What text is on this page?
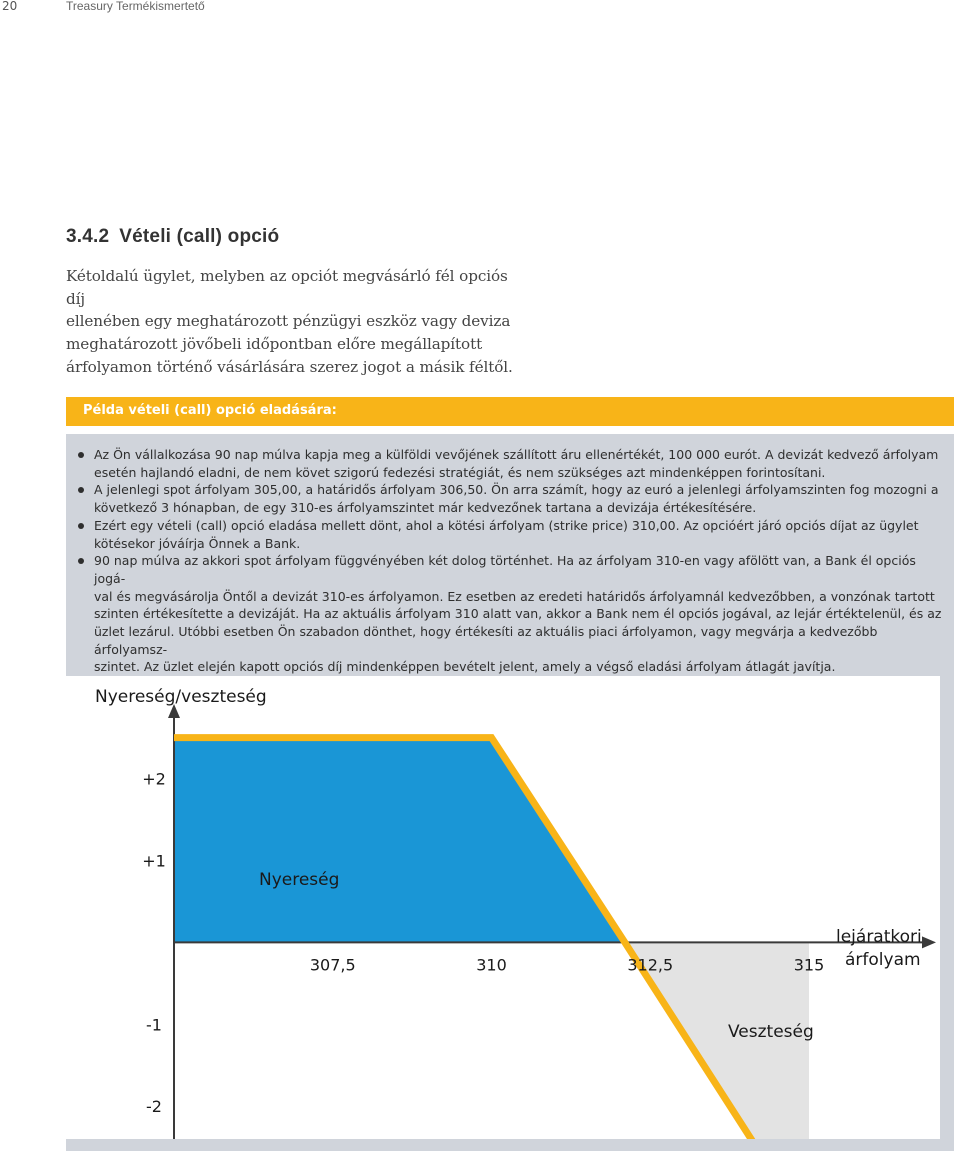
20	Treasury Termékismertető
3.4.2 Vételi (call) opció
Kétoldalú ügylet, melyben az opciót megvásárló fél opciós díj
ellenében egy meghatározott pénzügyi eszköz vagy deviza
meghatározott jövőbeli időpontban előre megállapított
árfolyamon történő vásárlására szerez jogot a másik féltől.
Példa vételi (call) opció eladására:
Az Ön vállalkozása 90 nap múlva kapja meg a külföldi vevőjének szállított áru ellenértékét, 100 000 eurót. A devizát kedvező árfolyam
esetén hajlandó eladni, de nem követ szigorú fedezési stratégiát, és nem szükséges azt mindenképpen forintosítani.
A jelenlegi spot árfolyam 305,00, a határidős árfolyam 306,50. Ön arra számít, hogy az euró a jelenlegi árfolyamszinten fog mozogni a
következő 3 hónapban, de egy 310-es árfolyamszintet már kedvezőnek tartana a devizája értékesítésére.
Ezért egy vételi (call) opció eladása mellett dönt, ahol a kötési árfolyam (strike price) 310,00. Az opcióért járó opciós díjat az ügylet
kötésekor jóváírja Önnek a Bank.
90 nap múlva az akkori spot árfolyam függvényében két dolog történhet. Ha az árfolyam 310-en vagy afölött van, a Bank él opciós jogá-
val és megvásárolja Öntől a devizát 310-es árfolyamon. Ez esetben az eredeti határidős árfolyamnál kedvezőbben, a vonzónak tartott
szinten értékesítette a devizáját. Ha az aktuális árfolyam 310 alatt van, akkor a Bank nem él opciós jogával, az lejár értéktelenül, és az
üzlet lezárul. Utóbbi esetben Ön szabadon dönthet, hogy értékesíti az aktuális piaci árfolyamon, vagy megvárja a kedvezőbb árfolyamsz-
szintet. Az üzlet elején kapott opciós díj mindenképpen bevételt jelent, amely a végső eladási árfolyam átlagát javítja.
Nyereség/veszteség
lejáratkori
árfolyam
Nyereség
Veszteség
307,5	310	312,5	315
+2
+1
-1
-2
